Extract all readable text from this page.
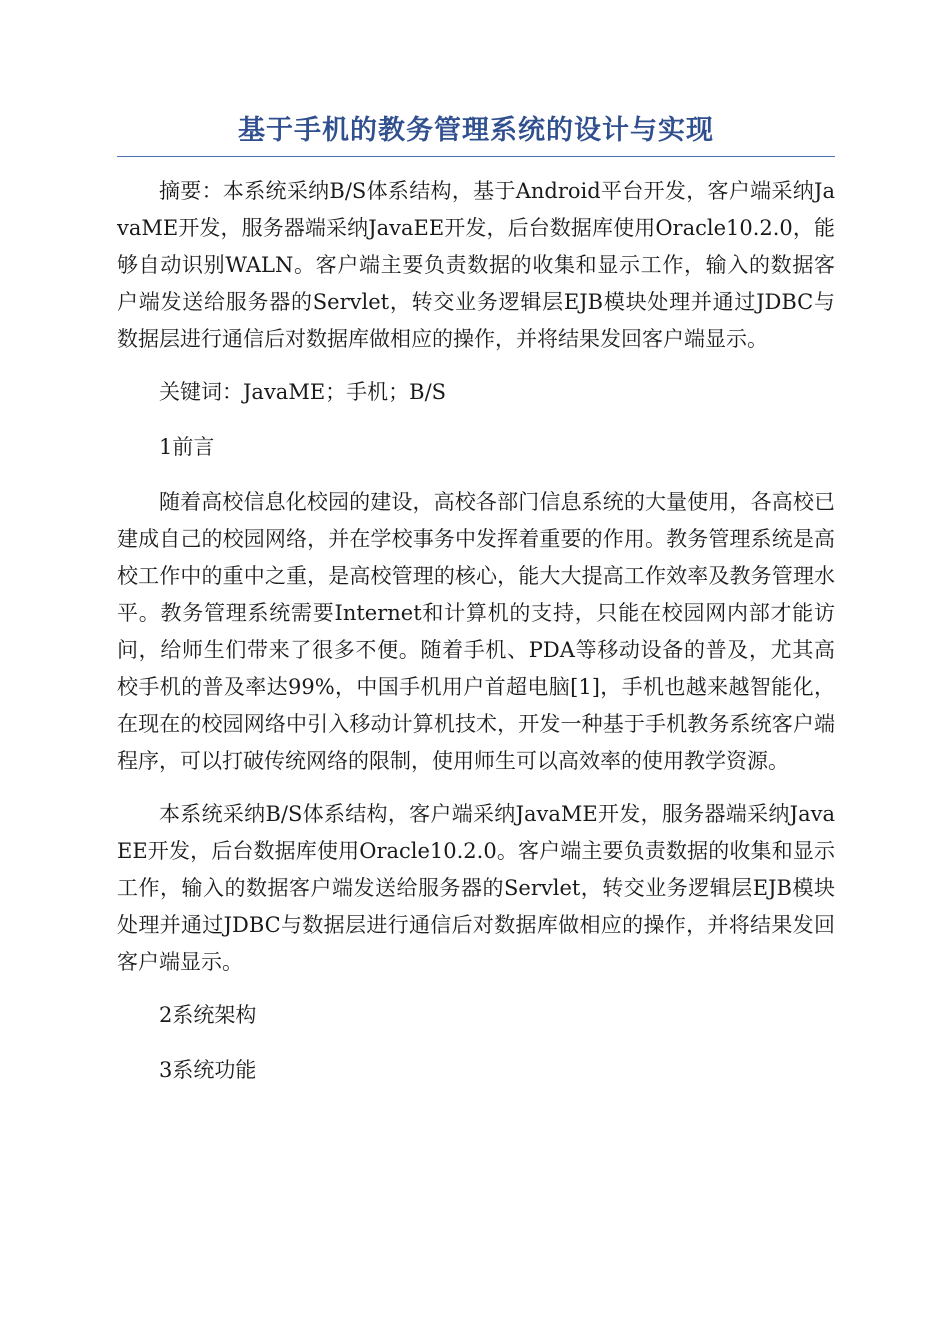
基于手机的教务管理系统的设计与实现

摘要：本系统采纳B/S体系结构，基于Android平台开发，客户端采纳JavaME开发，服务器端采纳JavaEE开发，后台数据库使用Oracle10.2.0，能够自动识别WALN。客户端主要负责数据的收集和显示工作，输入的数据客户端发送给服务器的Servlet，转交业务逻辑层EJB模块处理并通过JDBC与数据层进行通信后对数据库做相应的操作，并将结果发回客户端显示。

关键词：JavaME；手机；B/S

1前言

随着高校信息化校园的建设，高校各部门信息系统的大量使用，各高校已建成自己的校园网络，并在学校事务中发挥着重要的作用。教务管理系统是高校工作中的重中之重，是高校管理的核心，能大大提高工作效率及教务管理水平。教务管理系统需要Internet和计算机的支持，只能在校园网内部才能访问，给师生们带来了很多不便。随着手机、PDA等移动设备的普及，尤其高校手机的普及率达99%，中国手机用户首超电脑[1]，手机也越来越智能化，在现在的校园网络中引入移动计算机技术，开发一种基于手机教务系统客户端程序，可以打破传统网络的限制，使用师生可以高效率的使用教学资源。

本系统采纳B/S体系结构，客户端采纳JavaME开发，服务器端采纳JavaEE开发，后台数据库使用Oracle10.2.0。客户端主要负责数据的收集和显示工作，输入的数据客户端发送给服务器的Servlet，转交业务逻辑层EJB模块处理并通过JDBC与数据层进行通信后对数据库做相应的操作，并将结果发回客户端显示。

2系统架构

3系统功能
